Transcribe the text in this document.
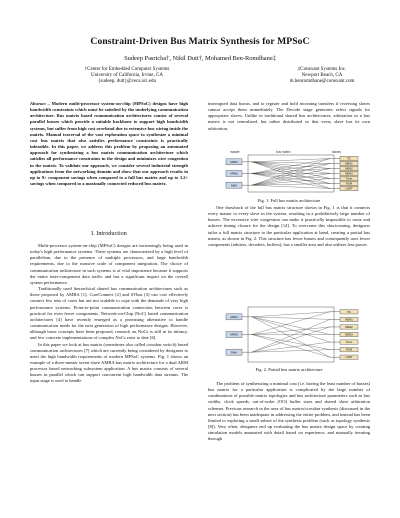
Constraint-Driven Bus Matrix Synthesis for MPSoC
Sudeep Pasricha†, Nikil Dutt†, Mohamed Ben-Romdhane‡
†Center for Embedded Computer Systems
University of California, Irvine, CA
{sudeep, dutt}@cecs.uci.edu
‡Conexant Systems Inc.
Newport Beach, CA
m.benromdhane@conexant.com

Abstract – Modern multi-processor system-on-chip (MPSoC) designs have high bandwidth constraints which must be satisfied by the underlying communication architecture. Bus matrix based communication architectures consist of several parallel busses which provide a suitable backbone to support high bandwidth systems, but suffer from high cost overhead due to extensive bus wiring inside the matrix. Manual traversal of the vast exploration space to synthesize a minimal cost bus matrix that also satisfies performance constraints is practically infeasible. In this paper, we address this problem by proposing an automated approach for synthesizing a bus matrix communication architecture which satisfies all performance constraints in the design and minimizes wire congestion in the matrix. To validate our approach, we consider several industrial strength applications from the networking domain and show that our approach results in up to 9× component savings when compared to a full bus matrix and up to 3.2× savings when compared to a maximally connected reduced bus matrix.

I. Introduction

Multi-processor system-on-chip (MPSoC) designs are increasingly being used in today's high performance systems. These systems are characterized by a high level of parallelism, due to the presence of multiple processors, and large bandwidth requirements, due to the massive scale of component integration. The choice of communication architecture in such systems is of vital importance because it supports the entire inter-component data traffic and has a significant impact on the overall system performance.

Traditionally used hierarchical shared bus communication architectures such as those proposed by AMBA [1], CoreConnect [2] and STbus [3] can cost effectively connect few tens of cores but are not scalable to cope with the demands of very high performance systems. Point-to-point communication connection between cores is practical for even fewer components. Network-on-Chip (NoC) based communication architectures [4] have recently emerged as a promising alternative to handle communication needs for the next generation of high performance designs. However, although basic concepts have been proposed, research on NoCs is still in its infancy, and few concrete implementations of complex NoCs exist to date [6].

In this paper we look at bus matrix (sometimes also called crossbar switch) based communication architectures [7] which are currently being considered by designers to meet the high bandwidth requirements of modern MPSoC systems. Fig. 1 shows an example of a three-master seven-slave AMBA bus matrix architecture for a dual ARM processor based networking subsystem application. A bus matrix consists of several busses in parallel which can support concurrent high bandwidth data streams. The input stage is used to handle

interrupted data bursts, and to register and hold incoming transfers if receiving slaves cannot accept them immediately. The Decode stage generates select signals for appropriate slaves. Unlike in traditional shared bus architectures, arbitration in a bus matrix is not centralized, but rather distributed so that every slave has its own arbitration.

master	bus matrix	slaves
ARM1
ARM2
DMA
ITC
MEM1
MEM2
MEM3
Timer
ROM
UART
Fig. 1. Full bus matrix architecture

One drawback of the full bus matrix structure shown in Fig. 1 is that it connects every master to every slave in the system, resulting in a prohibitively large number of busses. The excessive wire congestion can make it practically impossible to route and achieve timing closure for the design [14]. To overcome this shortcoming, designers tailor a full matrix structure to the particular application at hand, creating a partial bus matrix, as shown in Fig. 2. This structure has fewer busses and consequently uses fewer components (arbiters, decoders, buffers), has a smaller area and also utilizes less power.

ARM1
ARM2
DMA
ITC
MEM1
MEM2
MEM3
Timer
ROM
UART
Fig. 2. Partial bus matrix architecture

The problem of synthesizing a minimal cost (i.e. having the least number of busses) bus matrix for a particular application is complicated by the large number of combinations of possible matrix topologies and bus architecture parameters such as bus widths, clock speeds, out-of-order (OO) buffer sizes and shared slave arbitration schemes. Previous research in the area of bus matrix/crossbar synthesis (discussed in the next section) has been inadequate in addressing the entire problem, and instead has been limited to exploring a small subset of the synthesis problem (such as topology synthesis [8]). Very often, designers end up evaluating the bus matrix design space by creating simulation models annotated with detail based on experience, and manually iterating through
